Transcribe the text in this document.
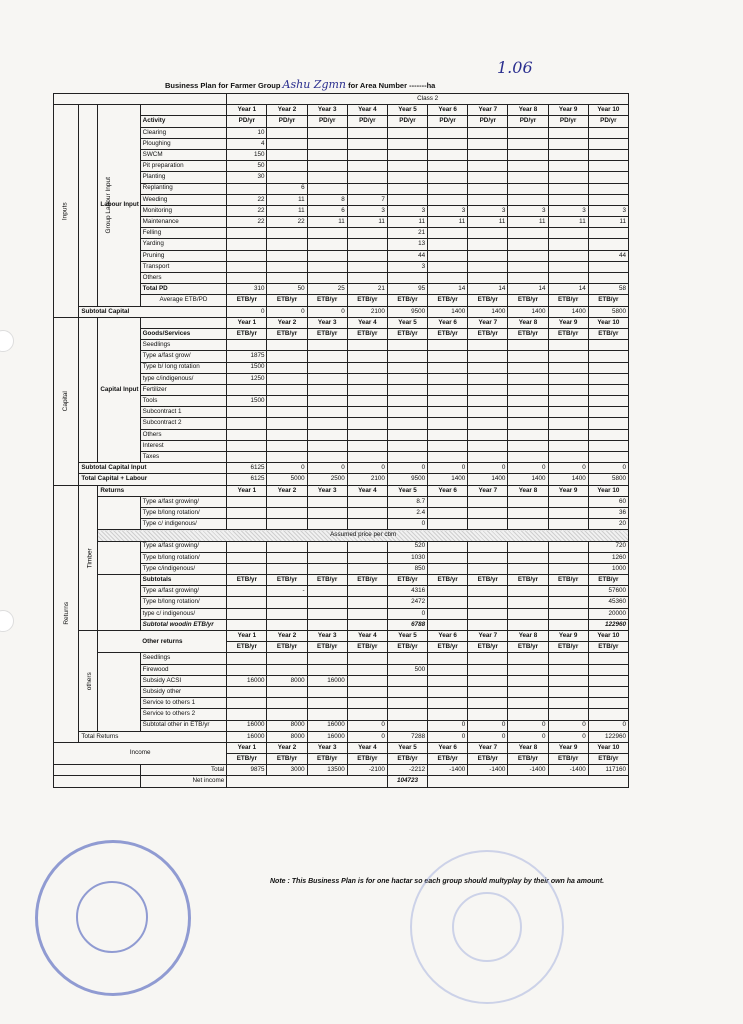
1.06
Business Plan for Farmer Group Ashu Zgmn for Area Number -------ha
				Class 2									
Inputs	Group Labour Input	Labour Input		Year 1	Year 2	Year 3	Year 4	Year 5	Year 6	Year 7	Year 8	Year 9	Year 10
			Activity	PD/yr	PD/yr	PD/yr	PD/yr	PD/yr	PD/yr	PD/yr	PD/yr	PD/yr	PD/yr
			Clearing	10									
			Ploughing	4									
			SWCM	150									
			Pit preparation	50									
			Planting	30									
			Replanting		6								
			Weeding	22	11	8	7						
			Monitoring	22	11	6	3	3	3	3	3	3	3
			Maintenance	22	22	11	11	11	11	11	11	11	11
			Felling					21					
			Yarding					13					
			Pruning					44					44
			Transport					3					
			Others										
			Total PD	310	50	25	21	95	14	14	14	14	58
			Average ETB/PD	ETB/yr	ETB/yr	ETB/yr	ETB/yr	ETB/yr	ETB/yr	ETB/yr	ETB/yr	ETB/yr	ETB/yr
	Subtotal Capital			0	0	0	2100	9500	1400	1400	1400	1400	5800
Capital		Capital Input		Year 1	Year 2	Year 3	Year 4	Year 5	Year 6	Year 7	Year 8	Year 9	Year 10
			Goods/Services	ETB/yr	ETB/yr	ETB/yr	ETB/yr	ETB/yr	ETB/yr	ETB/yr	ETB/yr	ETB/yr	ETB/yr
			Seedlings										
			Type a/fast grow/	1875									
			Type b/ long rotation	1500									
			type c/indigenous/	1250									
			Fertilizer										
			Tools	1500									
			Subcontract 1										
			Subcontract 2										
			Others										
			Interest										
			Taxes										
	Subtotal Capital Input			6125	0	0	0	0	0	0	0	0	0
	Total Capital + Labour			6125	5000	2500	2100	9500	1400	1400	1400	1400	5800
Returns	Timber	Returns		Year 1	Year 2	Year 3	Year 4	Year 5	Year 6	Year 7	Year 8	Year 9	Year 10
			Type a/fast growing/					8.7					60
			Type b/long rotation/					2.4					36
			Type c/ indigenous/					0					20
		Assumed price per cbm											
			Type a/fast growing/					520					720
			Type b/long rotation/					1030					1260
			Type c/indigenous/					850					1000
			Subtotals	ETB/yr	ETB/yr	ETB/yr	ETB/yr	ETB/yr	ETB/yr	ETB/yr	ETB/yr	ETB/yr	ETB/yr
			Type a/fast growing/		-			4316					57600
			Type b/long rotation/					2472					45360
			type c/ indigenous/					0					20000
			Subtotal woodin ETB/yr					6788					122960
	others	Other returns		Year 1	Year 2	Year 3	Year 4	Year 5	Year 6	Year 7	Year 8	Year 9	Year 10
				ETB/yr	ETB/yr	ETB/yr	ETB/yr	ETB/yr	ETB/yr	ETB/yr	ETB/yr	ETB/yr	ETB/yr
			Seedlings										
			Firewood					500					
			Subsidy ACSI	16000	8000	16000							
			Subsidy other										
			Service to others 1										
			Service to others 2										
			Subtotal other in ETB/yr	16000	8000	16000	0		0	0	0	0	0
	Total Returns			16000	8000	16000	0	7288	0	0	0	0	122960
Income				Year 1	Year 2	Year 3	Year 4	Year 5	Year 6	Year 7	Year 8	Year 9	Year 10
				ETB/yr	ETB/yr	ETB/yr	ETB/yr	ETB/yr	ETB/yr	ETB/yr	ETB/yr	ETB/yr	ETB/yr
			Total	9875	3000	13500	-2100	-2212	-1400	-1400	-1400	-1400	117160
			Net income					104723					
Note : This Business Plan is for one hactar so each group should multyplay by their own ha amount.
